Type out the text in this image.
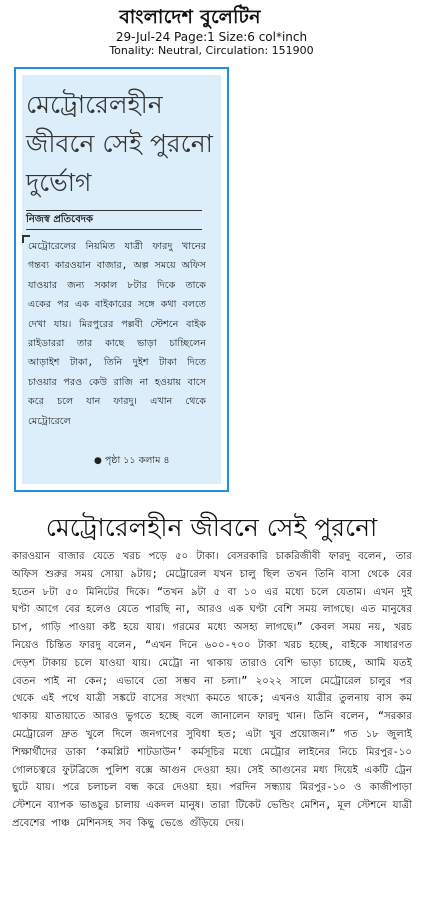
বাংলাদেশ বুলেটিন
29-Jul-24 Page:1 Size:6 col*inch
Tonality: Neutral, Circulation: 151900
মেট্রোরেলহীন জীবনে সেই পুরনো দুর্ভোগ
নিজস্ব প্রতিবেদক
মেট্রোরেলের নিয়মিত যাত্রী ফারদু খানের গন্তব্য কারওয়ান বাজার, অল্প সময়ে অফিস যাওয়ার জন্য সকাল ৮টার দিকে তাকে একের পর এক বাইকারের সঙ্গে কথা বলতে দেখা যায়। মিরপুরের পল্লবী স্টেশনে বাইক রাইডাররা তার কাছে ভাড়া চাচ্ছিলেন আড়াইশ টাকা, তিনি দুইশ টাকা দিতে চাওয়ার পরও কেউ রাজি না হওয়ায় বাসে করে চলে যান ফারদু। এখান থেকে মেট্রোরেলে
● পৃষ্ঠা ১১ কলাম ৪
মেট্রোরেলহীন জীবনে সেই পুরনো
কারওয়ান বাজার যেতে খরচ পড়ে ৫০ টাকা। বেসরকারি চাকরিজীবী ফারদু বলেন, তার অফিস শুরুর সময় সোয়া ৯টায়; মেট্রোরেল যখন চালু ছিল তখন তিনি বাসা থেকে বের হতেন ৮টা ৫০ মিনিটের দিকে। “তখন ৯টা ৫ বা ১০ এর মধ্যে চলে যেতাম। এখন দুই ঘণ্টা আগে বের হলেও যেতে পারছি না, আরও এক ঘণ্টা বেশি সময় লাগছে। এত মানুষের চাপ, গাড়ি পাওয়া কষ্ট হয়ে যায়। গরমের মধ্যে অসহ্য লাগছে।” কেবল সময় নয়, খরচ নিয়েও চিন্তিত ফারদু বলেন, “এখন দিনে ৬০০-৭০০ টাকা খরচ হচ্ছে, বাইকে সাধারণত দেড়শ টাকায় চলে যাওয়া যায়। মেট্রো না থাকায় তারাও বেশি ভাড়া চাচ্ছে, আমি যতই বেতন পাই না কেন; এভাবে তো সম্ভব না চলা।” ২০২২ সালে মেট্রোরেল চালুর পর থেকে এই পথে যাত্রী সঙ্কটে বাসের সংখ্যা কমতে থাকে; এখনও যাত্রীর তুলনায় বাস কম থাকায় যাতায়াতে আরও ভুগতে হচ্ছে বলে জানালেন ফারদু খান। তিনি বলেন, “সরকার মেট্রোরেল দ্রুত খুলে দিলে জনগণের সুবিধা হত; এটা খুব প্রয়োজন।” গত ১৮ জুলাই শিক্ষার্থীদের ডাকা ‘কমপ্লিট শাটডাউন’ কর্মসূচির মধ্যে মেট্রোর লাইনের নিচে মিরপুর-১০ গোলচত্বরে ফুটব্রিজে পুলিশ বক্সে আগুন দেওয়া হয়। সেই আগুনের মধ্য দিয়েই একটি ট্রেন ছুটে যায়। পরে চলাচল বন্ধ করে দেওয়া হয়। পরদিন সন্ধ্যায় মিরপুর-১০ ও কাজীপাড়া স্টেশনে ব্যাপক ভাঙচুর চালায় একদল মানুষ। তারা টিকেট ভেন্ডিং মেশিন, মূল স্টেশনে যাত্রী প্রবেশের পাঞ্চ মেশিনসহ সব কিছু ভেঙে গুঁড়িয়ে দেয়।
